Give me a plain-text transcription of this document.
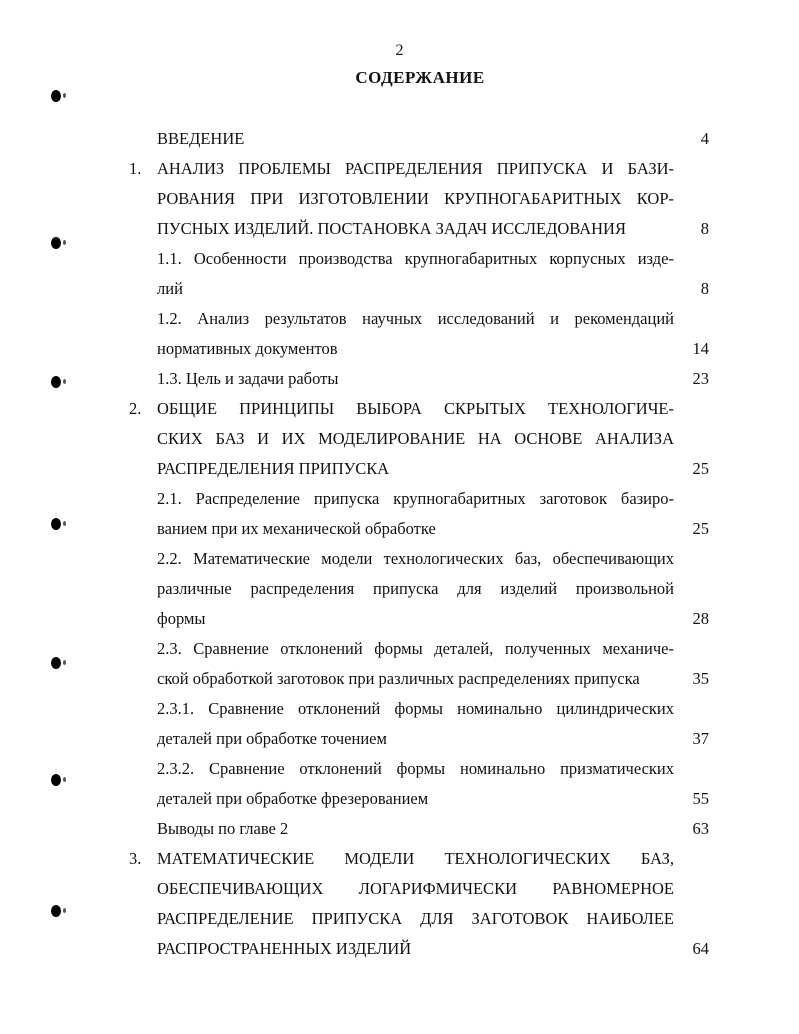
2
СОДЕРЖАНИЕ
ВВЕДЕНИЕ	4
1. АНАЛИЗ ПРОБЛЕМЫ РАСПРЕДЕЛЕНИЯ ПРИПУСКА И БАЗИ-
РОВАНИЯ ПРИ ИЗГОТОВЛЕНИИ КРУПНОГАБАРИТНЫХ КОР-
ПУСНЫХ ИЗДЕЛИЙ. ПОСТАНОВКА ЗАДАЧ ИССЛЕДОВАНИЯ	8
1.1. Особенности производства крупногабаритных корпусных изде-
лий	8
1.2. Анализ результатов научных исследований и рекомендаций
нормативных документов	14
1.3. Цель и задачи работы	23
2. ОБЩИЕ ПРИНЦИПЫ ВЫБОРА СКРЫТЫХ ТЕХНОЛОГИЧЕ-
СКИХ БАЗ И ИХ МОДЕЛИРОВАНИЕ НА ОСНОВЕ АНАЛИЗА
РАСПРЕДЕЛЕНИЯ ПРИПУСКА	25
2.1. Распределение припуска крупногабаритных заготовок базиро-
ванием при их механической обработке	25
2.2. Математические модели технологических баз, обеспечивающих
различные распределения припуска для изделий произвольной
формы	28
2.3. Сравнение отклонений формы деталей, полученных механиче-
ской обработкой заготовок при различных распределениях припуска	35
2.3.1. Сравнение отклонений формы номинально цилиндрических
деталей при обработке точением	37
2.3.2. Сравнение отклонений формы номинально призматических
деталей при обработке фрезерованием	55
Выводы по главе 2	63
3. МАТЕМАТИЧЕСКИЕ МОДЕЛИ ТЕХНОЛОГИЧЕСКИХ БАЗ,
ОБЕСПЕЧИВАЮЩИХ ЛОГАРИФМИЧЕСКИ РАВНОМЕРНОЕ
РАСПРЕДЕЛЕНИЕ ПРИПУСКА ДЛЯ ЗАГОТОВОК НАИБОЛЕЕ
РАСПРОСТРАНЕННЫХ ИЗДЕЛИЙ	64
